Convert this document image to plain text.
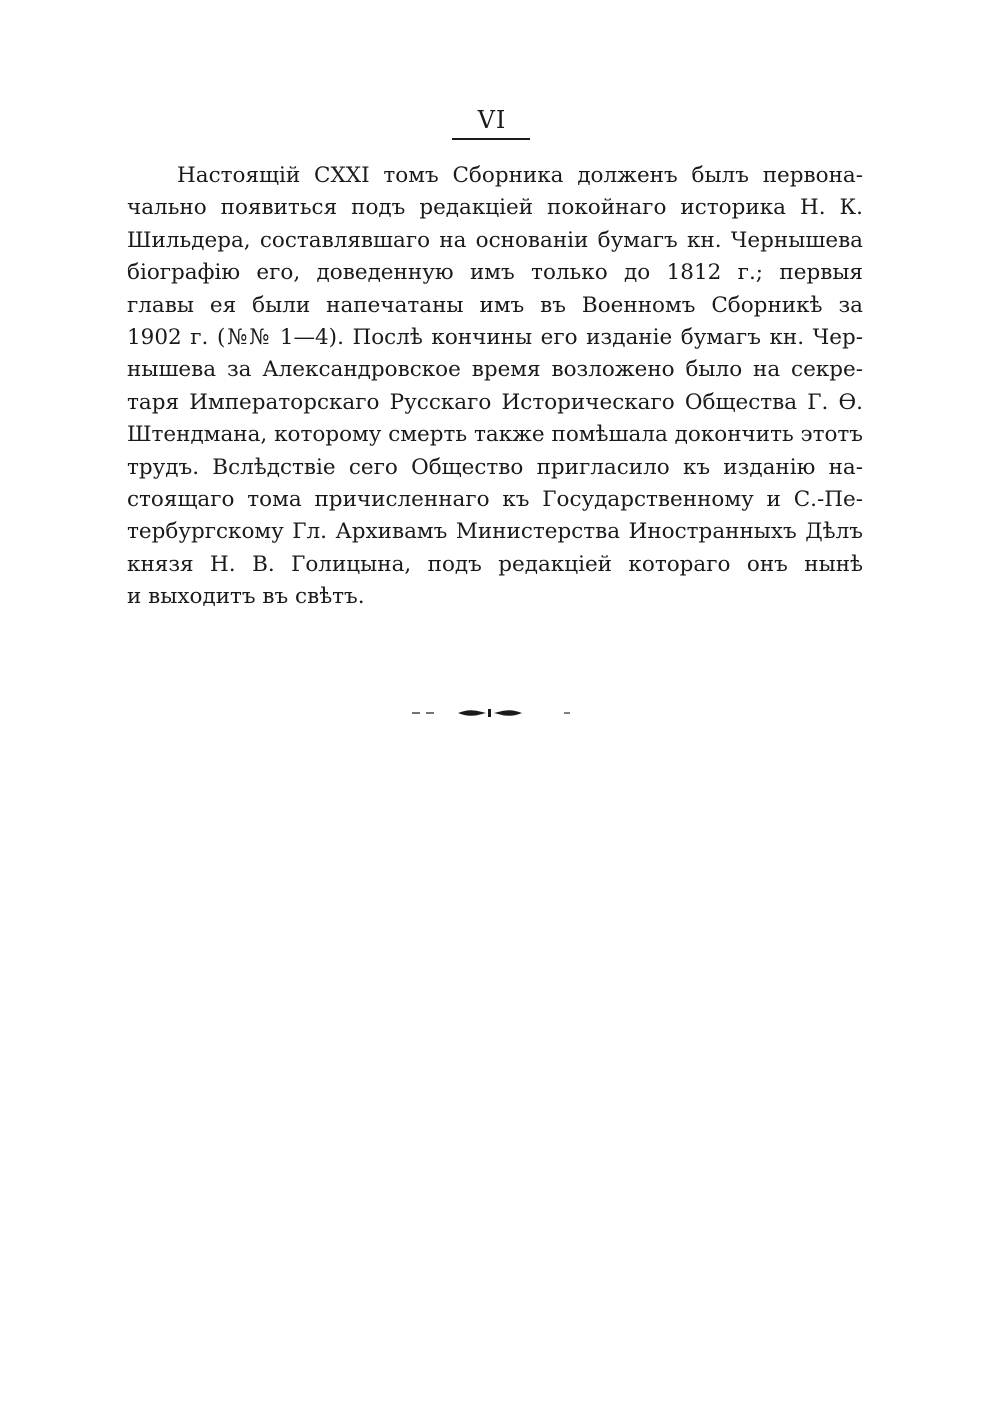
VI
Настоящій CXXI томъ Сборника долженъ былъ первона-
чально появиться подъ редакціей покойнаго историка Н. К.
Шильдера, составлявшаго на основаніи бумагъ кн. Чернышева
біографію его, доведенную имъ только до 1812 г.; первыя
главы ея были напечатаны имъ въ Военномъ Сборникѣ за
1902 г. (№№ 1—4). Послѣ кончины его изданіе бумагъ кн. Чер-
нышева за Александровское время возложено было на секре-
таря Императорскаго Русскаго Историческаго Общества Г. Ѳ.
Штендмана, которому смерть также помѣшала докончить этотъ
трудъ. Вслѣдствіе сего Общество пригласило къ изданію на-
стоящаго тома причисленнаго къ Государственному и С.-Пе-
тербургскому Гл. Архивамъ Министерства Иностранныхъ Дѣлъ
князя Н. В. Голицына, подъ редакціей котораго онъ нынѣ
и выходитъ въ свѣтъ.
